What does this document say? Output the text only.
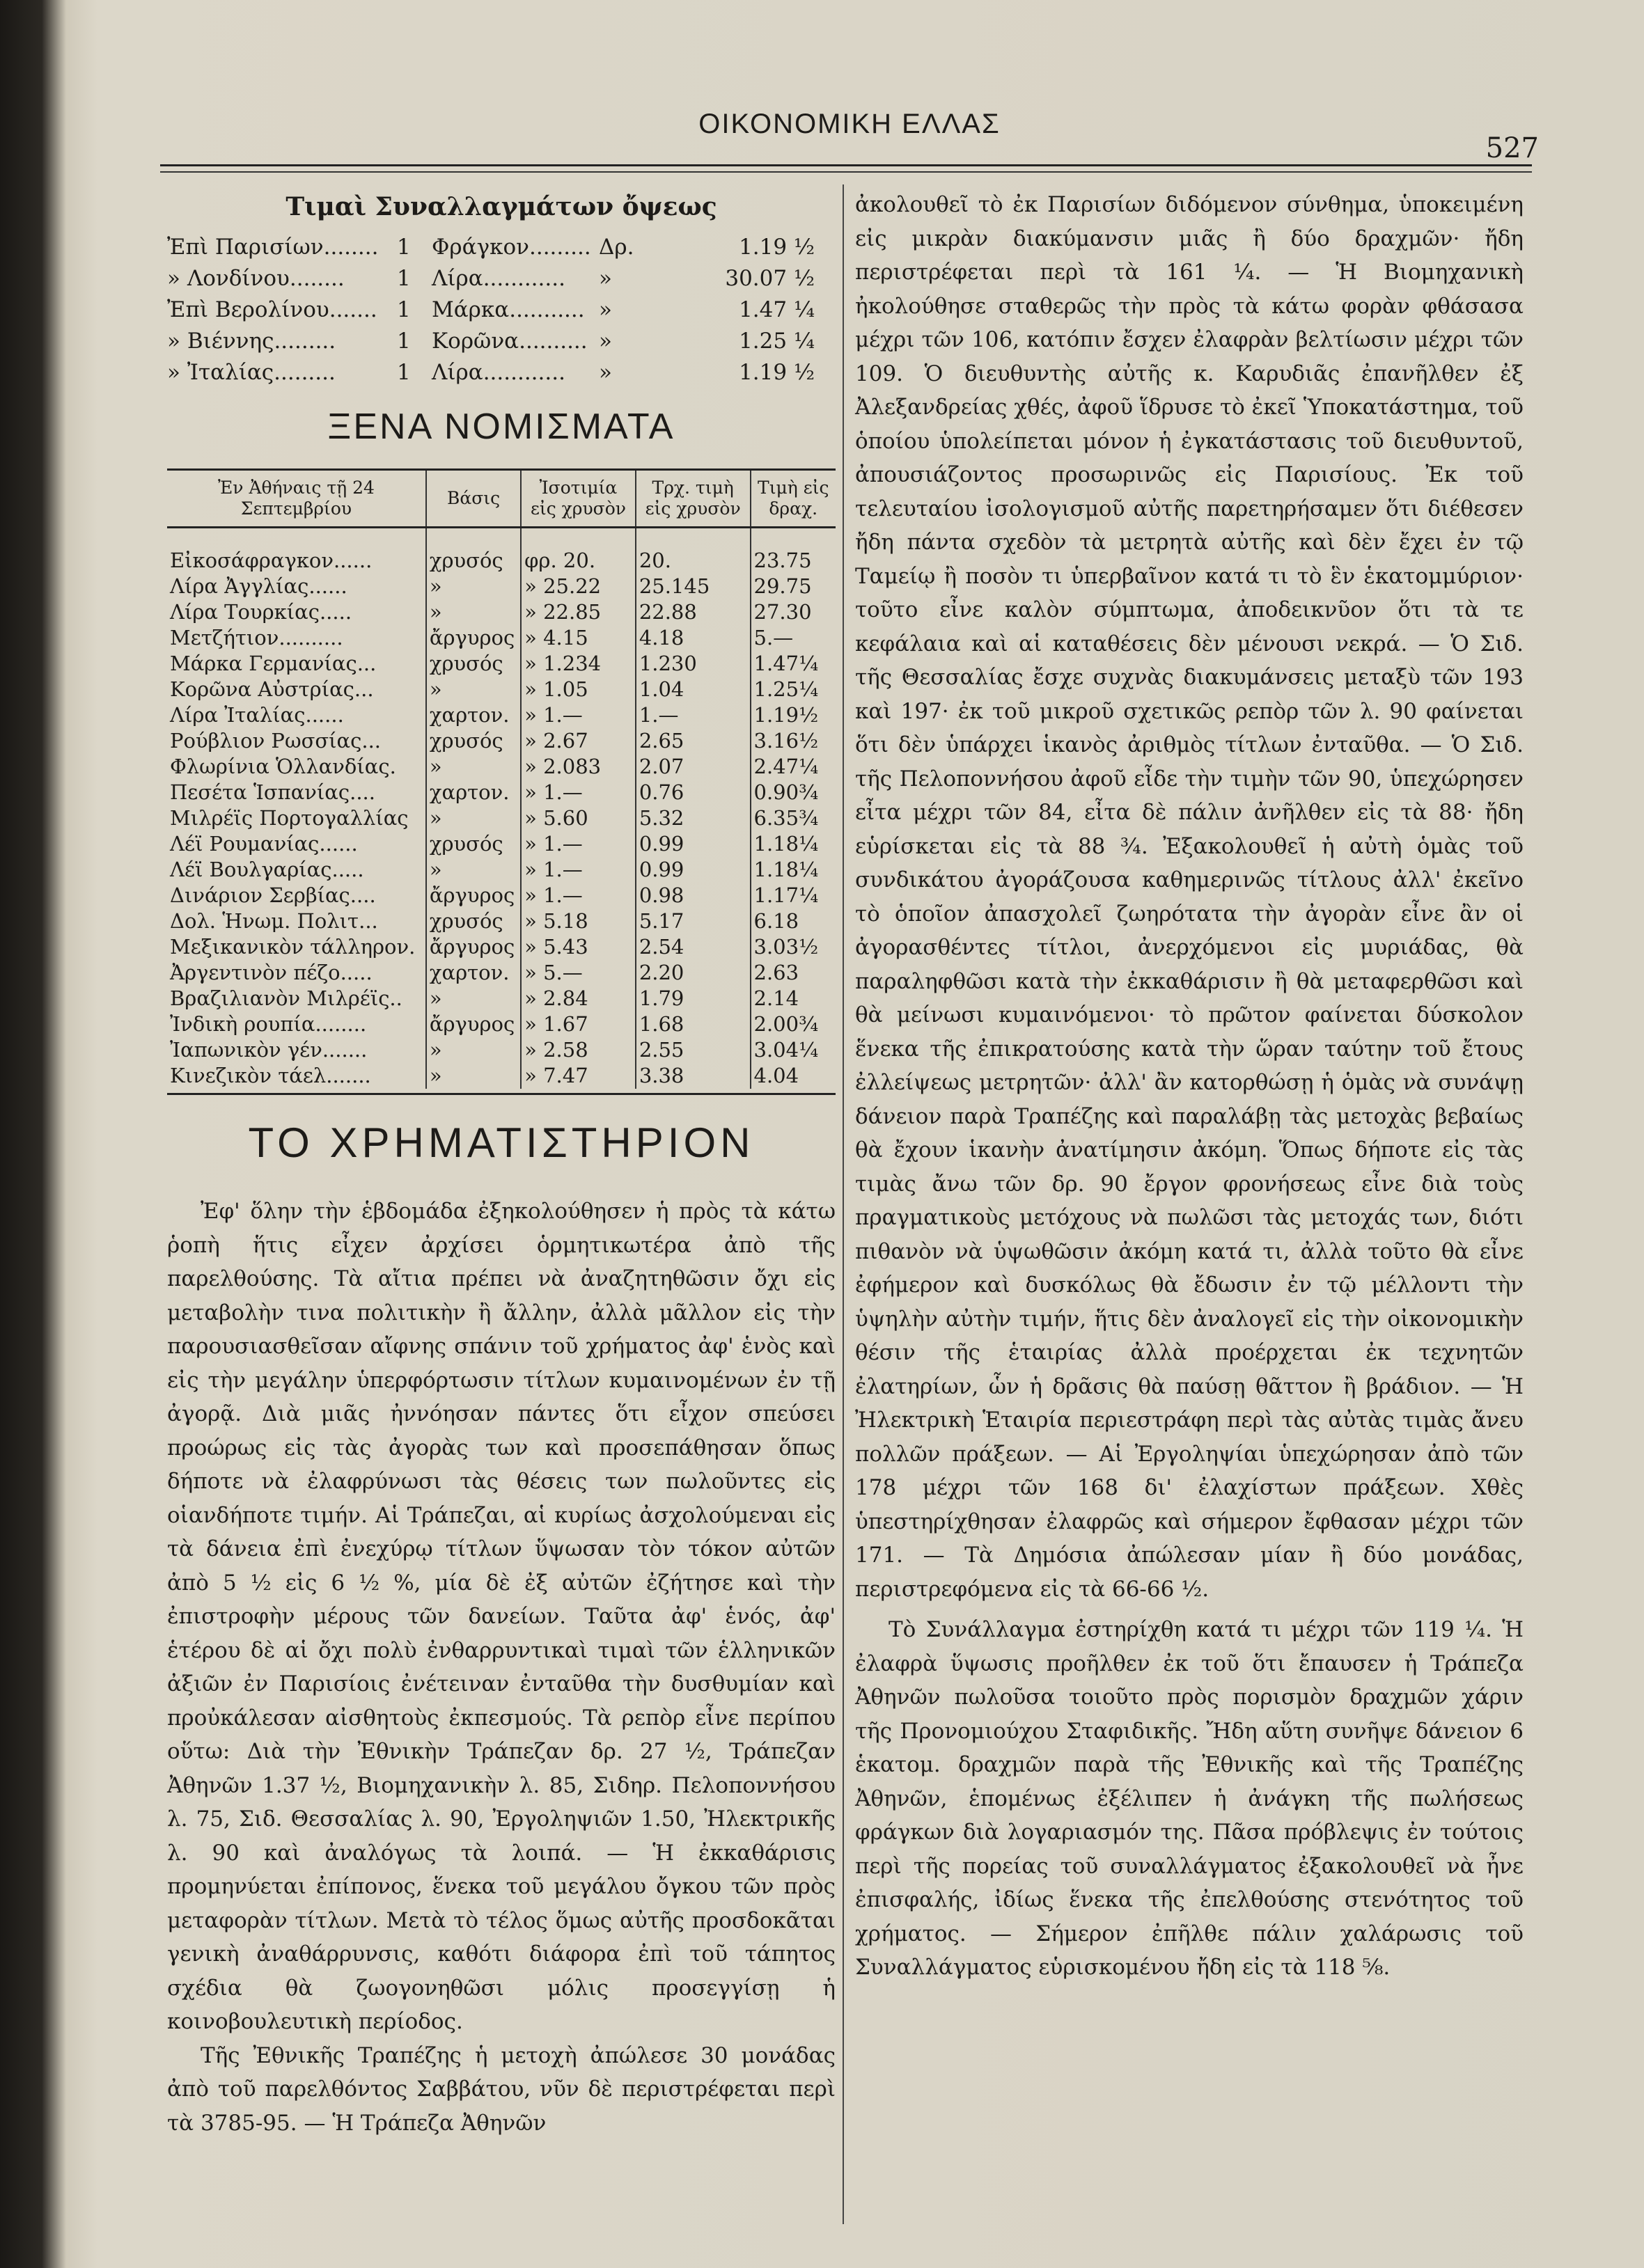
ΟΙΚΟΝΟΜΙΚΗ ΕΛΛΑΣ
527
Τιμαὶ Συναλλαγμάτων ὄψεως
Ἐπὶ Παρισίων........ 1 Φράγκον......... Δρ.	1.19 ½
» Λονδίνου........	1 Λίρα............	»	30.07 ½
Ἐπὶ Βερολίνου....... 1 Μάρκα........... »	1.47 ¼
» Βιέννης.........	1 Κορῶνα.......... »	1.25 ¼
» Ἰταλίας.........	1 Λίρα............	»	1.19 ½
ΞΕΝΑ ΝΟΜΙΣΜΑΤΑ
Ἐν Ἀθήναις τῇ 24 Σεπτεμβρίου	Βάσις	Ἰσοτιμία εἰς χρυσὸν	Τρχ. τιμὴ εἰς χρυσὸν	Τιμὴ εἰς δραχ.
Εἰκοσάφραγκον......	χρυσός	φρ. 20.	20.	23.75
Λίρα Ἀγγλίας......	»	» 25.22	25.145	29.75
Λίρα Τουρκίας.....	»	» 22.85	22.88	27.30
Μετζήτιον..........	ἄργυρος	» 4.15	4.18	5.—
Μάρκα Γερμανίας...	χρυσός	» 1.234	1.230	1.47¼
Κορῶνα Αὐστρίας...	»	» 1.05	1.04	1.25¼
Λίρα Ἰταλίας......	χαρτον.	» 1.—	1.—	1.19½
Ρούβλιον Ρωσσίας...	χρυσός	» 2.67	2.65	3.16½
Φλωρίνια Ὁλλανδίας.	»	» 2.083	2.07	2.47¼
Πεσέτα Ἱσπανίας....	χαρτον.	» 1.—	0.76	0.90¾
Μιλρέϊς Πορτογαλλίας	»	» 5.60	5.32	6.35¾
Λέϊ Ρουμανίας......	χρυσός	» 1.—	0.99	1.18¼
Λέϊ Βουλγαρίας.....	»	» 1.—	0.99	1.18¼
Δινάριον Σερβίας....	ἄργυρος	» 1.—	0.98	1.17¼
Δολ. Ἡνωμ. Πολιτ...	χρυσός	» 5.18	5.17	6.18
Μεξικανικὸν τάλληρον.	ἄργυρος	» 5.43	2.54	3.03½
Ἀργεντινὸν πέζο.....	χαρτον.	» 5.—	2.20	2.63
Βραζιλιανὸν Μιλρέϊς..	»	» 2.84	1.79	2.14
Ἰνδικὴ ρουπία........	ἄργυρος	» 1.67	1.68	2.00¾
Ἰαπωνικὸν γέν.......	»	» 2.58	2.55	3.04¼
Κινεζικὸν τάελ.......	»	» 7.47	3.38	4.04
ΤΟ ΧΡΗΜΑΤΙΣΤΗΡΙΟΝ

Ἐφ' ὅλην τὴν ἑβδομάδα ἐξηκολούθησεν ἡ πρὸς τὰ κάτω ῥοπὴ ἥτις εἶχεν ἀρχίσει ὁρμητικωτέρα ἀπὸ τῆς παρελθούσης. Τὰ αἴτια πρέπει νὰ ἀναζητηθῶσιν ὄχι εἰς μεταβολὴν τινα πολιτικὴν ἢ ἄλλην, ἀλλὰ μᾶλλον εἰς τὴν παρουσιασθεῖσαν αἴφνης σπάνιν τοῦ χρήματος ἀφ' ἑνὸς καὶ εἰς τὴν μεγάλην ὑπερφόρτωσιν τίτλων κυμαινομένων ἐν τῇ ἀγορᾷ. Διὰ μιᾶς ἠννόησαν πάντες ὅτι εἶχον σπεύσει προώρως εἰς τὰς ἀγορὰς των καὶ προσεπάθησαν ὅπως δήποτε νὰ ἐλαφρύνωσι τὰς θέσεις των πωλοῦντες εἰς οἱανδήποτε τιμήν. Αἱ Τράπεζαι, αἱ κυρίως ἀσχολούμεναι εἰς τὰ δάνεια ἐπὶ ἐνεχύρῳ τίτλων ὕψωσαν τὸν τόκον αὐτῶν ἀπὸ 5 ½ εἰς 6 ½ %, μία δὲ ἐξ αὐτῶν ἐζήτησε καὶ τὴν ἐπιστροφὴν μέρους τῶν δανείων. Ταῦτα ἀφ' ἑνός, ἀφ' ἑτέρου δὲ αἱ ὄχι πολὺ ἐνθαρρυντικαὶ τιμαὶ τῶν ἑλληνικῶν ἀξιῶν ἐν Παρισίοις ἐνέτειναν ἐνταῦθα τὴν δυσθυμίαν καὶ προὐκάλεσαν αἰσθητοὺς ἐκπεσμούς. Τὰ ρεπὸρ εἶνε περίπου οὕτω: Διὰ τὴν Ἐθνικὴν Τράπεζαν δρ. 27 ½, Τράπεζαν Ἀθηνῶν 1.37 ½, Βιομηχανικὴν λ. 85, Σιδηρ. Πελοποννήσου λ. 75, Σιδ. Θεσσαλίας λ. 90, Ἐργοληψιῶν 1.50, Ἠλεκτρικῆς λ. 90 καὶ ἀναλόγως τὰ λοιπά. — Ἡ ἐκκαθάρισις προμηνύεται ἐπίπονος, ἕνεκα τοῦ μεγάλου ὄγκου τῶν πρὸς μεταφορὰν τίτλων. Μετὰ τὸ τέλος ὅμως αὐτῆς προσδοκᾶται γενικὴ ἀναθάρρυνσις, καθότι διάφορα ἐπὶ τοῦ τάπητος σχέδια θὰ ζωογονηθῶσι μόλις προσεγγίσῃ ἡ κοινοβουλευτικὴ περίοδος.

Τῆς Ἐθνικῆς Τραπέζης ἡ μετοχὴ ἀπώλεσε 30 μονάδας ἀπὸ τοῦ παρελθόντος Σαββάτου, νῦν δὲ περιστρέφεται περὶ τὰ 3785-95. — Ἡ Τράπεζα Ἀθηνῶν

ἀκολουθεῖ τὸ ἐκ Παρισίων διδόμενον σύνθημα, ὑποκειμένη εἰς μικρὰν διακύμανσιν μιᾶς ἢ δύο δραχμῶν· ἤδη περιστρέφεται περὶ τὰ 161 ¼. — Ἡ Βιομηχανικὴ ἠκολούθησε σταθερῶς τὴν πρὸς τὰ κάτω φορὰν φθάσασα μέχρι τῶν 106, κατόπιν ἔσχεν ἐλαφρὰν βελτίωσιν μέχρι τῶν 109. Ὁ διευθυντὴς αὐτῆς κ. Καρυδιᾶς ἐπανῆλθεν ἐξ Ἀλεξανδρείας χθές, ἀφοῦ ἵδρυσε τὸ ἐκεῖ Ὑποκατάστημα, τοῦ ὁποίου ὑπολείπεται μόνον ἡ ἐγκατάστασις τοῦ διευθυντοῦ, ἀπουσιάζοντος προσωρινῶς εἰς Παρισίους. Ἐκ τοῦ τελευταίου ἰσολογισμοῦ αὐτῆς παρετηρήσαμεν ὅτι διέθεσεν ἤδη πάντα σχεδὸν τὰ μετρητὰ αὐτῆς καὶ δὲν ἔχει ἐν τῷ Ταμείῳ ἢ ποσὸν τι ὑπερβαῖνον κατά τι τὸ ἓν ἑκατομμύριον· τοῦτο εἶνε καλὸν σύμπτωμα, ἀποδεικνῦον ὅτι τὰ τε κεφάλαια καὶ αἱ καταθέσεις δὲν μένουσι νεκρά. — Ὁ Σιδ. τῆς Θεσσαλίας ἔσχε συχνὰς διακυμάνσεις μεταξὺ τῶν 193 καὶ 197· ἐκ τοῦ μικροῦ σχετικῶς ρεπὸρ τῶν λ. 90 φαίνεται ὅτι δὲν ὑπάρχει ἱκανὸς ἀριθμὸς τίτλων ἐνταῦθα. — Ὁ Σιδ. τῆς Πελοποννήσου ἀφοῦ εἶδε τὴν τιμὴν τῶν 90, ὑπεχώρησεν εἶτα μέχρι τῶν 84, εἶτα δὲ πάλιν ἀνῆλθεν εἰς τὰ 88· ἤδη εὑρίσκεται εἰς τὰ 88 ¾. Ἐξακολουθεῖ ἡ αὐτὴ ὁμὰς τοῦ συνδικάτου ἀγοράζουσα καθημερινῶς τίτλους ἀλλ' ἐκεῖνο τὸ ὁποῖον ἀπασχολεῖ ζωηρότατα τὴν ἀγορὰν εἶνε ἂν οἱ ἀγορασθέντες τίτλοι, ἀνερχόμενοι εἰς μυριάδας, θὰ παραληφθῶσι κατὰ τὴν ἐκκαθάρισιν ἢ θὰ μεταφερθῶσι καὶ θὰ μείνωσι κυμαινόμενοι· τὸ πρῶτον φαίνεται δύσκολον ἕνεκα τῆς ἐπικρατούσης κατὰ τὴν ὥραν ταύτην τοῦ ἔτους ἐλλείψεως μετρητῶν· ἀλλ' ἂν κατορθώσῃ ἡ ὁμὰς νὰ συνάψῃ δάνειον παρὰ Τραπέζης καὶ παραλάβῃ τὰς μετοχὰς βεβαίως θὰ ἔχουν ἱκανὴν ἀνατίμησιν ἀκόμη. Ὅπως δήποτε εἰς τὰς τιμὰς ἄνω τῶν δρ. 90 ἔργον φρονήσεως εἶνε διὰ τοὺς πραγματικοὺς μετόχους νὰ πωλῶσι τὰς μετοχάς των, διότι πιθανὸν νὰ ὑψωθῶσιν ἀκόμη κατά τι, ἀλλὰ τοῦτο θὰ εἶνε ἐφήμερον καὶ δυσκόλως θὰ ἔδωσιν ἐν τῷ μέλλοντι τὴν ὑψηλὴν αὐτὴν τιμήν, ἥτις δὲν ἀναλογεῖ εἰς τὴν οἰκονομικὴν θέσιν τῆς ἑταιρίας ἀλλὰ προέρχεται ἐκ τεχνητῶν ἐλατηρίων, ὧν ἡ δρᾶσις θὰ παύσῃ θᾶττον ἢ βράδιον. — Ἡ Ἠλεκτρικὴ Ἑταιρία περιεστράφη περὶ τὰς αὐτὰς τιμὰς ἄνευ πολλῶν πράξεων. — Αἱ Ἐργοληψίαι ὑπεχώρησαν ἀπὸ τῶν 178 μέχρι τῶν 168 δι' ἐλαχίστων πράξεων. Χθὲς ὑπεστηρίχθησαν ἐλαφρῶς καὶ σήμερον ἔφθασαν μέχρι τῶν 171. — Τὰ Δημόσια ἀπώλεσαν μίαν ἢ δύο μονάδας, περιστρεφόμενα εἰς τὰ 66-66 ½.

Τὸ Συνάλλαγμα ἐστηρίχθη κατά τι μέχρι τῶν 119 ¼. Ἡ ἐλαφρὰ ὕψωσις προῆλθεν ἐκ τοῦ ὅτι ἔπαυσεν ἡ Τράπεζα Ἀθηνῶν πωλοῦσα τοιοῦτο πρὸς πορισμὸν δραχμῶν χάριν τῆς Προνομιούχου Σταφιδικῆς. Ἤδη αὕτη συνῆψε δάνειον 6 ἑκατομ. δραχμῶν παρὰ τῆς Ἐθνικῆς καὶ τῆς Τραπέζης Ἀθηνῶν, ἑπομένως ἐξέλιπεν ἡ ἀνάγκη τῆς πωλήσεως φράγκων διὰ λογαριασμόν της. Πᾶσα πρόβλεψις ἐν τούτοις περὶ τῆς πορείας τοῦ συναλλάγματος ἐξακολουθεῖ νὰ ἦνε ἐπισφαλής, ἰδίως ἕνεκα τῆς ἐπελθούσης στενότητος τοῦ χρήματος. — Σήμερον ἐπῆλθε πάλιν χαλάρωσις τοῦ Συναλλάγματος εὑρισκομένου ἤδη εἰς τὰ 118 ⅝.
